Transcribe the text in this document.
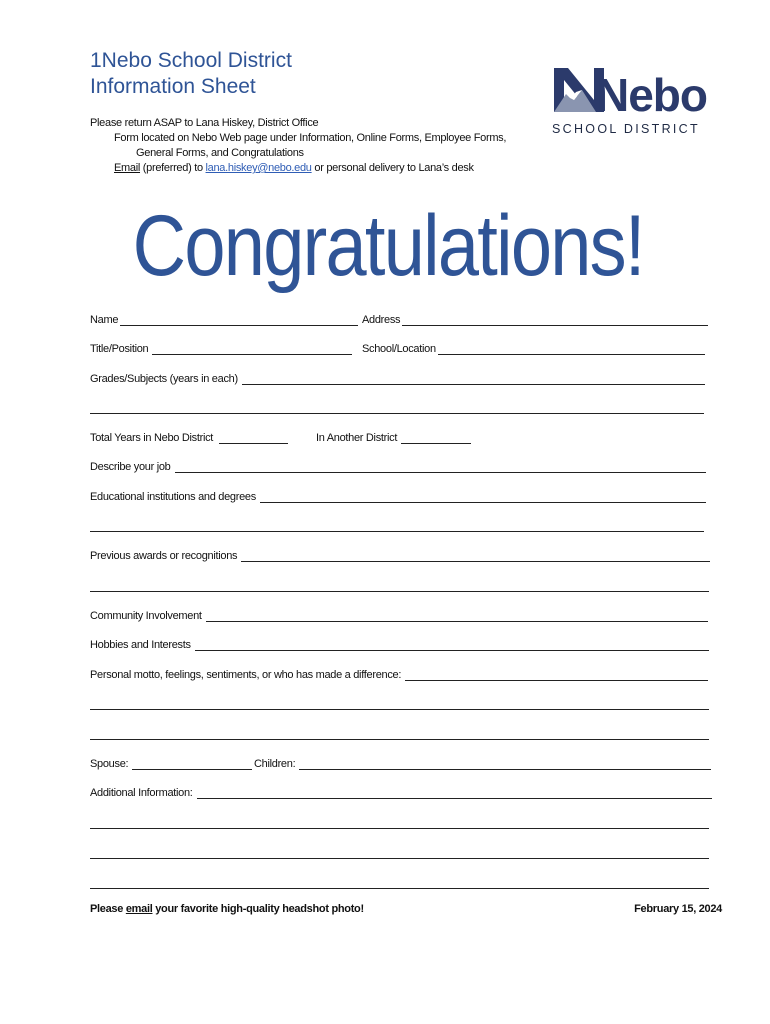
1Nebo School District
Information Sheet
Please return ASAP to Lana Hiskey, District Office
Form located on Nebo Web page under Information, Online Forms, Employee Forms,
General Forms, and Congratulations
Email (preferred) to lana.hiskey@nebo.edu or personal delivery to Lana’s desk
Nebo
SCHOOL DISTRICT
Congratulations!
Name	Address
Title/Position	School/Location
Grades/Subjects (years in each)
Total Years in Nebo District	In Another District
Describe your job
Educational institutions and degrees
Previous awards or recognitions
Community Involvement
Hobbies and Interests
Personal motto, feelings, sentiments, or who has made a difference:
Spouse:	Children:
Additional Information:
Please email your favorite high-quality headshot photo!	February 15, 2024
